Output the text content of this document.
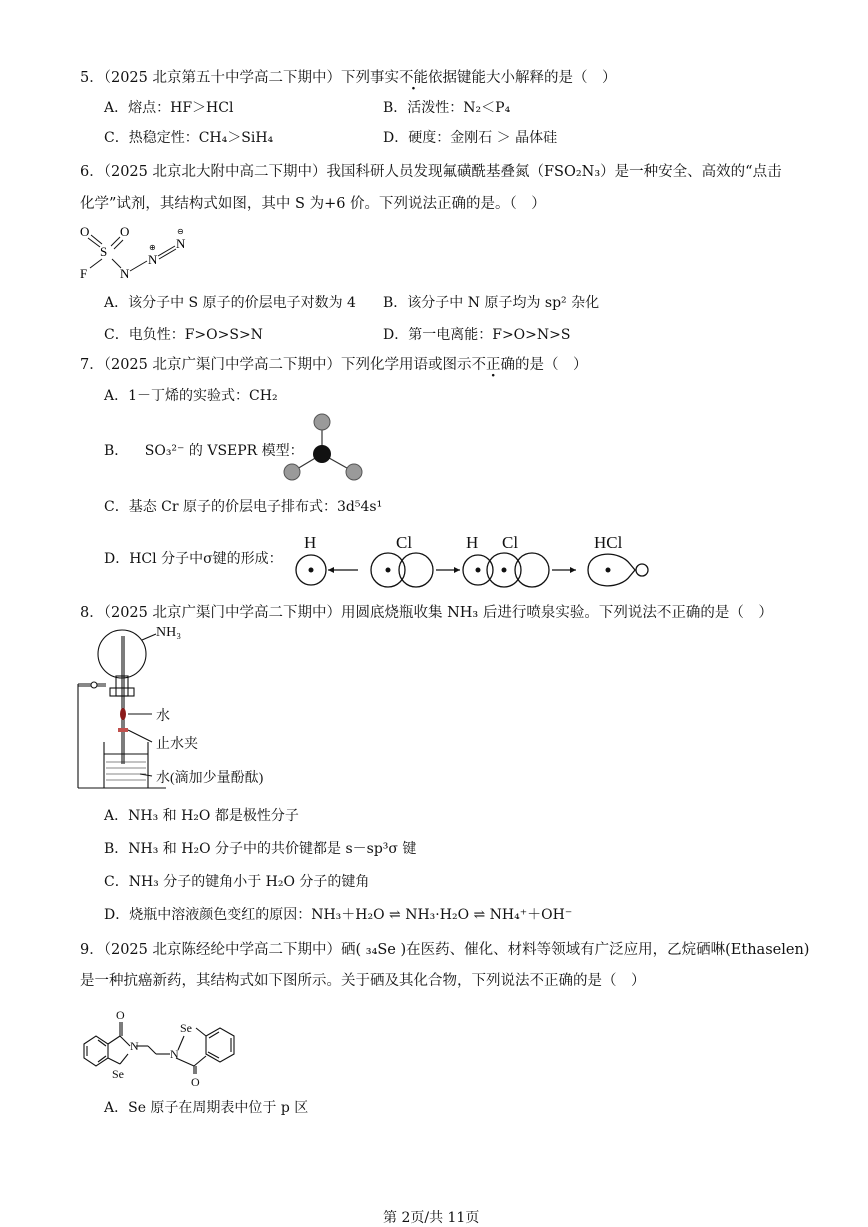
5．（2025 北京第五十中学高二下期中）下列事实不能依据键能大小解释的是（　）
A．熔点：HF＞HCl	B．活泼性：N₂＜P₄
C．热稳定性：CH₄＞SiH₄	D．硬度：金刚石 ＞ 晶体硅
6．（2025 北京北大附中高二下期中）我国科研人员发现氟磺酰基叠氮（FSO₂N₃）是一种安全、高效的“点击
化学”试剂，其结构式如图，其中 S 为+6 价。下列说法正确的是。（　）
O O
S
F	N
N
N
⊕
⊖
A．该分子中 S 原子的价层电子对数为 4 B．该分子中 N 原子均为 sp² 杂化
C．电负性：F>O>S>N	D．第一电离能：F>O>N>S
7．（2025 北京广渠门中学高二下期中）下列化学用语或图示不正确的是（　）
A．1－丁烯的实验式：CH₂
B． SO₃²⁻ 的 VSEPR 模型：
C．基态 Cr 原子的价层电子排布式：3d⁵4s¹
D．HCl 分子中σ键的形成：
H	Cl	H Cl	HCl
8．（2025 北京广渠门中学高二下期中）用圆底烧瓶收集 NH₃ 后进行喷泉实验。下列说法不正确的是（　）
NH₃
水
止水夹
水(滴加少量酚酞)
A．NH₃ 和 H₂O 都是极性分子
B．NH₃ 和 H₂O 分子中的共价键都是 s－sp³σ 键
C．NH₃ 分子的键角小于 H₂O 分子的键角
D．烧瓶中溶液颜色变红的原因：NH₃＋H₂O ⇌ NH₃·H₂O ⇌ NH₄⁺＋OH⁻
9．（2025 北京陈经纶中学高二下期中）硒( ₃₄Se )在医药、催化、材料等领域有广泛应用，乙烷硒啉(Ethaselen)
是一种抗癌新药，其结构式如下图所示。关于硒及其化合物，下列说法不正确的是（　）
O
N
Se
Se
N
O
A．Se 原子在周期表中位于 p 区
第 2页/共 11页
